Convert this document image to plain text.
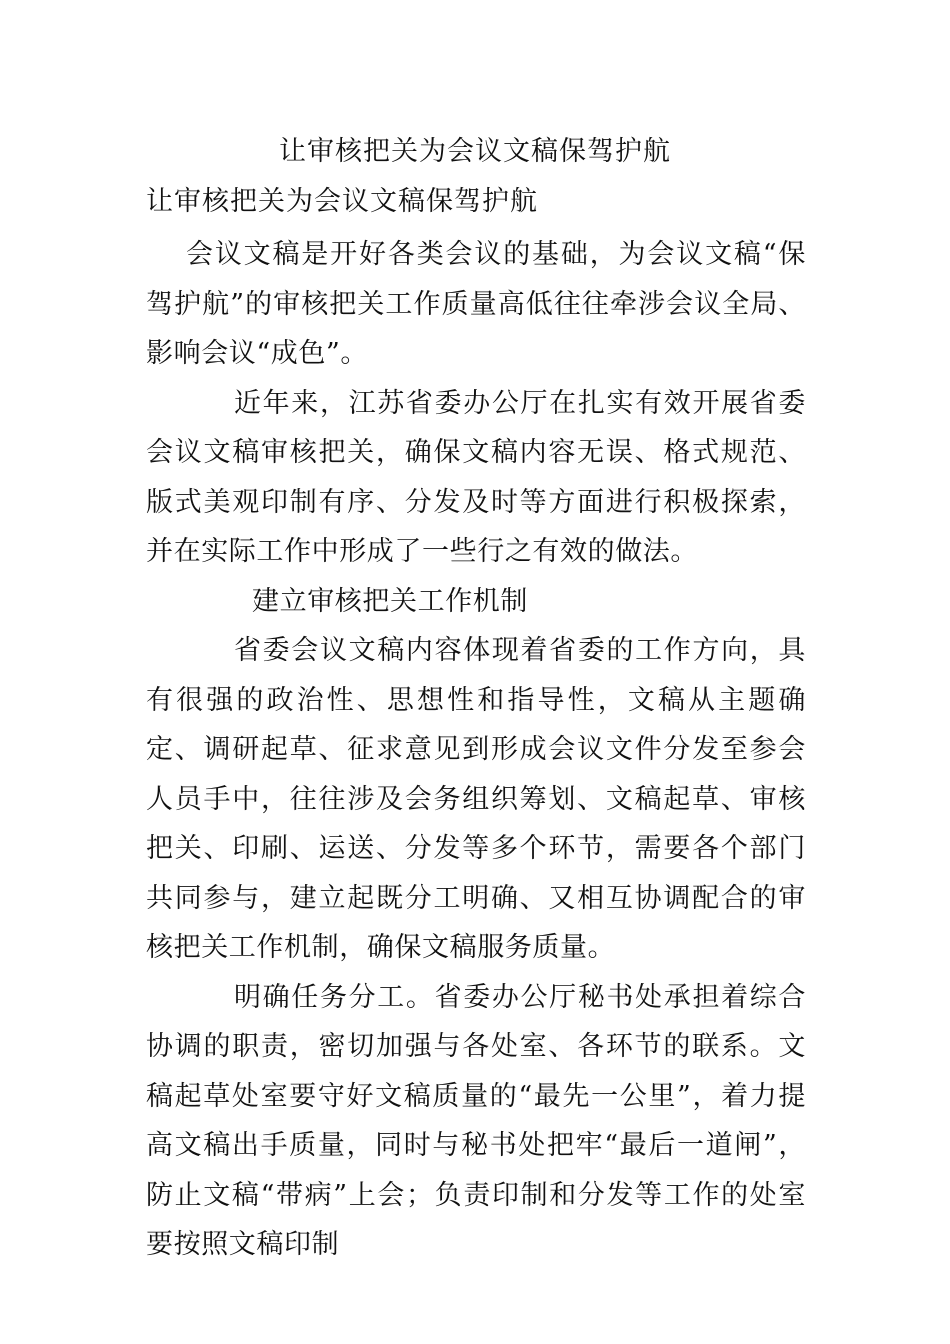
让审核把关为会议文稿保驾护航
让审核把关为会议文稿保驾护航

会议文稿是开好各类会议的基础，为会议文稿“保驾护航”的审核把关工作质量高低往往牵涉会议全局、影响会议“成色”。

近年来，江苏省委办公厅在扎实有效开展省委会议文稿审核把关，确保文稿内容无误、格式规范、版式美观印制有序、分发及时等方面进行积极探索，并在实际工作中形成了一些行之有效的做法。

建立审核把关工作机制

省委会议文稿内容体现着省委的工作方向，具有很强的政治性、思想性和指导性，文稿从主题确定、调研起草、征求意见到形成会议文件分发至参会人员手中，往往涉及会务组织筹划、文稿起草、审核把关、印刷、运送、分发等多个环节，需要各个部门共同参与，建立起既分工明确、又相互协调配合的审核把关工作机制，确保文稿服务质量。

明确任务分工。省委办公厅秘书处承担着综合协调的职责，密切加强与各处室、各环节的联系。文稿起草处室要守好文稿质量的“最先一公里”，着力提高文稿出手质量，同时与秘书处把牢“最后一道闸”，防止文稿“带病”上会；负责印制和分发等工作的处室要按照文稿印制
